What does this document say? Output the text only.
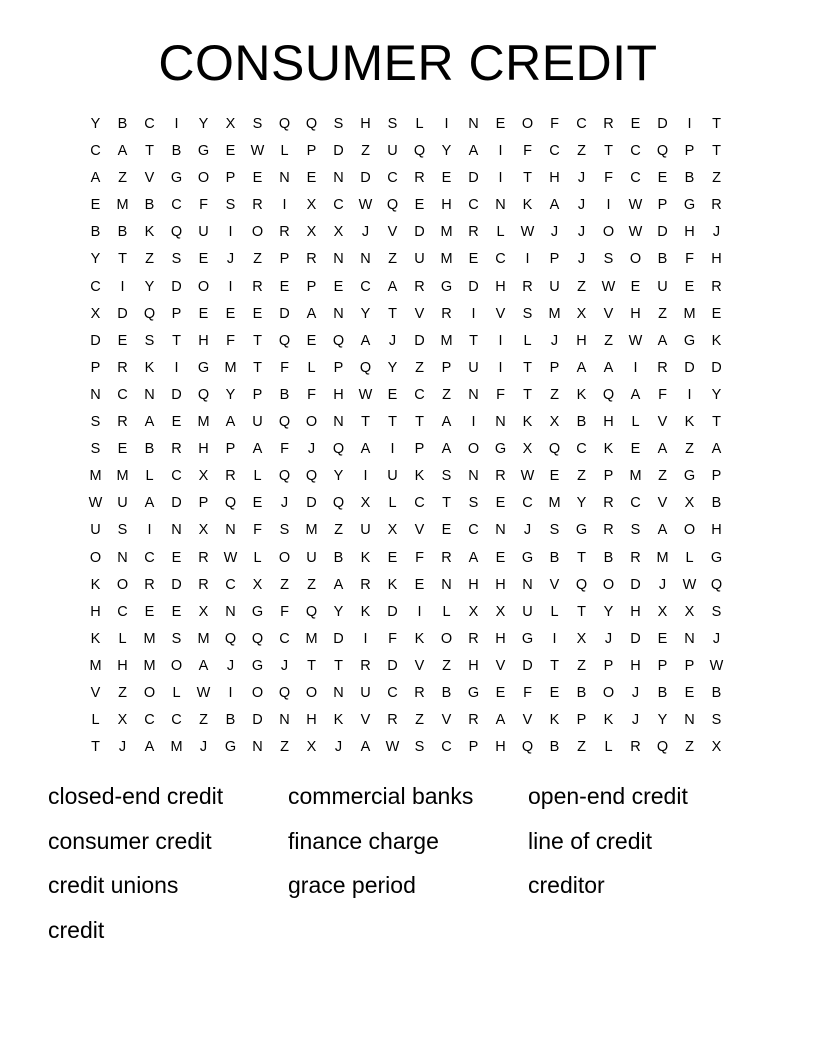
CONSUMER CREDIT
Y	B	C	I	Y	X	S	Q	Q	S	H	S	L	I	N	E	O	F	C	R	E	D	I	T
C	A	T	B	G	E	W	L	P	D	Z	U	Q	Y	A	I	F	C	Z	T	C	Q	P	T
A	Z	V	G	O	P	E	N	E	N	D	C	R	E	D	I	T	H	J	F	C	E	B	Z
E	M	B	C	F	S	R	I	X	C	W	Q	E	H	C	N	K	A	J	I	W	P	G	R
B	B	K	Q	U	I	O	R	X	X	J	V	D	M	R	L	W	J	J	O	W	D	H	J
Y	T	Z	S	E	J	Z	P	R	N	N	Z	U	M	E	C	I	P	J	S	O	B	F	H
C	I	Y	D	O	I	R	E	P	E	C	A	R	G	D	H	R	U	Z	W	E	U	E	R
X	D	Q	P	E	E	E	D	A	N	Y	T	V	R	I	V	S	M	X	V	H	Z	M	E
D	E	S	T	H	F	T	Q	E	Q	A	J	D	M	T	I	L	J	H	Z	W	A	G	K
P	R	K	I	G	M	T	F	L	P	Q	Y	Z	P	U	I	T	P	A	A	I	R	D	D
N	C	N	D	Q	Y	P	B	F	H	W	E	C	Z	N	F	T	Z	K	Q	A	F	I	Y
S	R	A	E	M	A	U	Q	O	N	T	T	T	A	I	N	K	X	B	H	L	V	K	T
S	E	B	R	H	P	A	F	J	Q	A	I	P	A	O	G	X	Q	C	K	E	A	Z	A
M	M	L	C	X	R	L	Q	Q	Y	I	U	K	S	N	R	W	E	Z	P	M	Z	G	P
W	U	A	D	P	Q	E	J	D	Q	X	L	C	T	S	E	C	M	Y	R	C	V	X	B
U	S	I	N	X	N	F	S	M	Z	U	X	V	E	C	N	J	S	G	R	S	A	O	H
O	N	C	E	R	W	L	O	U	B	K	E	F	R	A	E	G	B	T	B	R	M	L	G
K	O	R	D	R	C	X	Z	Z	A	R	K	E	N	H	H	N	V	Q	O	D	J	W	Q
H	C	E	E	X	N	G	F	Q	Y	K	D	I	L	X	X	U	L	T	Y	H	X	X	S
K	L	M	S	M	Q	Q	C	M	D	I	F	K	O	R	H	G	I	X	J	D	E	N	J
M	H	M	O	A	J	G	J	T	T	R	D	V	Z	H	V	D	T	Z	P	H	P	P	W
V	Z	O	L	W	I	O	Q	O	N	U	C	R	B	G	E	F	E	B	O	J	B	E	B
L	X	C	C	Z	B	D	N	H	K	V	R	Z	V	R	A	V	K	P	K	J	Y	N	S
T	J	A	M	J	G	N	Z	X	J	A	W	S	C	P	H	Q	B	Z	L	R	Q	Z	X
closed-end credit	commercial banks	open-end credit
consumer credit	finance charge	line of credit
credit unions	grace period	creditor
credit
